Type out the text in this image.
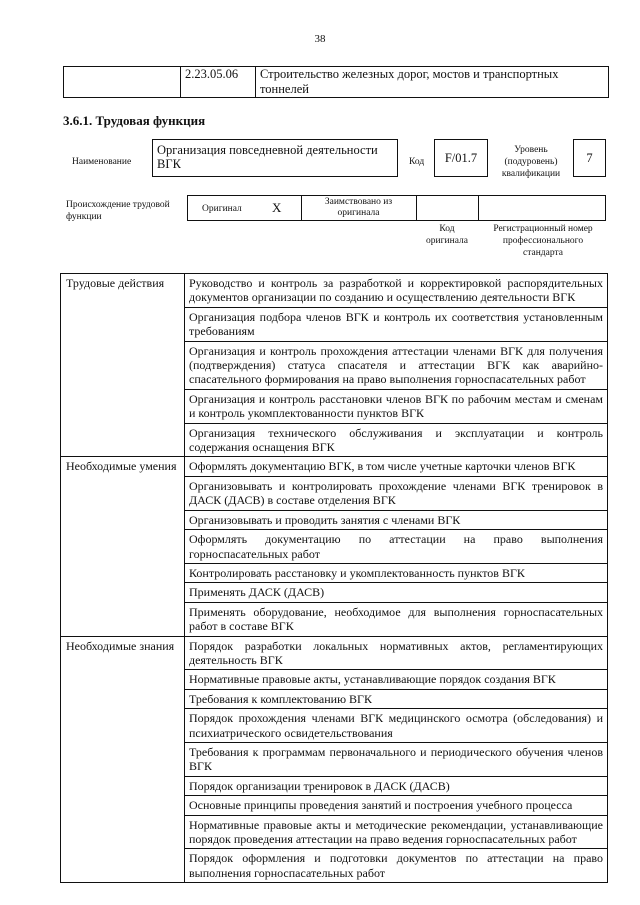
38
	2.23.05.06	Строительство железных дорог, мостов и транспортных тоннелей
3.6.1. Трудовая функция
Наименование
Организация повседневной деятельности ВГК	Код	F/01.7
Уровень (подуровень) квалификации
7
Происхождение трудовой функции
Оригинал X	Заимствовано из оригинала
Код оригинала
Регистрационный номер профессионального стандарта
Трудовые действия	Руководство и контроль за разработкой и корректировкой распорядительных документов организации по созданию и осуществлению деятельности ВГК
	Организация подбора членов ВГК и контроль их соответствия установленным требованиям
	Организация и контроль прохождения аттестации членами ВГК для получения (подтверждения) статуса спасателя и аттестации ВГК как аварийно-спасательного формирования на право выполнения горноспасательных работ
	Организация и контроль расстановки членов ВГК по рабочим местам и сменам и контроль укомплектованности пунктов ВГК
	Организация технического обслуживания и эксплуатации и контроль содержания оснащения ВГК
Необходимые умения	Оформлять документацию ВГК, в том числе учетные карточки членов ВГК
	Организовывать и контролировать прохождение членами ВГК тренировок в ДАСК (ДАСВ) в составе отделения ВГК
	Организовывать и проводить занятия с членами ВГК
	Оформлять документацию по аттестации на право выполнения горноспасательных работ
	Контролировать расстановку и укомплектованность пунктов ВГК
	Применять ДАСК (ДАСВ)
	Применять оборудование, необходимое для выполнения горноспасательных работ в составе ВГК
Необходимые знания	Порядок разработки локальных нормативных актов, регламентирующих деятельность ВГК
	Нормативные правовые акты, устанавливающие порядок создания ВГК
	Требования к комплектованию ВГК
	Порядок прохождения членами ВГК медицинского осмотра (обследования) и психиатрического освидетельствования
	Требования к программам первоначального и периодического обучения членов ВГК
	Порядок организации тренировок в ДАСК (ДАСВ)
	Основные принципы проведения занятий и построения учебного процесса
	Нормативные правовые акты и методические рекомендации, устанавливающие порядок проведения аттестации на право ведения горноспасательных работ
	Порядок оформления и подготовки документов по аттестации на право выполнения горноспасательных работ
